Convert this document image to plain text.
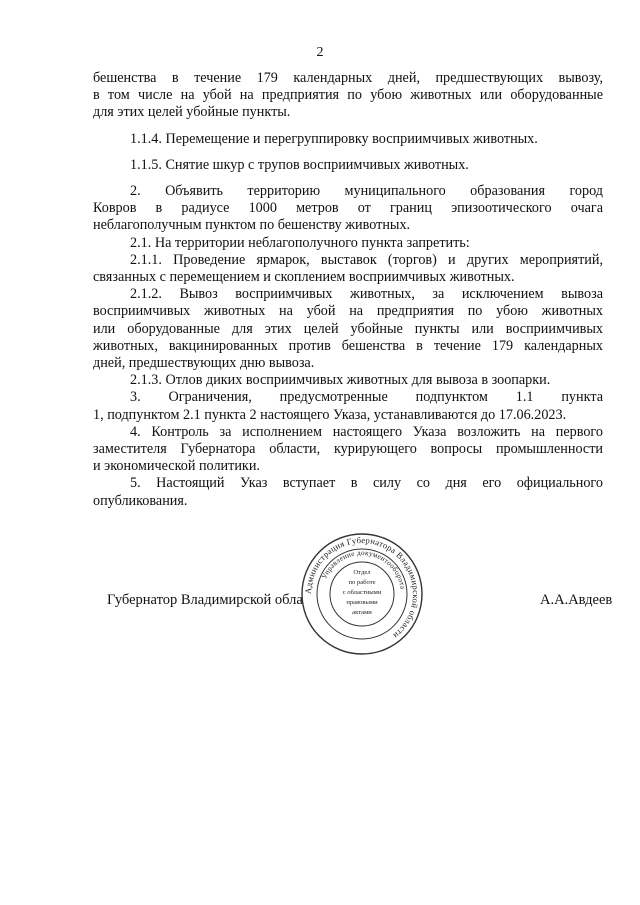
2

бешенства в течение 179 календарных дней, предшествующих вывозу,

в том числе на убой на предприятия по убою животных или оборудованные

для этих целей убойные пункты.

1.1.4. Перемещение и перегруппировку восприимчивых животных.

1.1.5. Снятие шкур с трупов восприимчивых животных.

2. Объявить территорию муниципального образования город

Ковров в радиусе 1000 метров от границ эпизоотического очага

неблагополучным пунктом по бешенству животных.

2.1. На территории неблагополучного пункта запретить:

2.1.1. Проведение ярмарок, выставок (торгов) и других мероприятий,

связанных с перемещением и скоплением восприимчивых животных.

2.1.2. Вывоз восприимчивых животных, за исключением вывоза

восприимчивых животных на убой на предприятия по убою животных

или оборудованные для этих целей убойные пункты или восприимчивых

животных, вакцинированных против бешенства в течение 179 календарных

дней, предшествующих дню вывоза.

2.1.3. Отлов диких восприимчивых животных для вывоза в зоопарки.

3. Ограничения, предусмотренные подпунктом 1.1 пункта

1, подпунктом 2.1 пункта 2 настоящего Указа, устанавливаются до 17.06.2023.

4. Контроль за исполнением настоящего Указа возложить на первого

заместителя Губернатора области, курирующего вопросы промышленности

и экономической политики.

5. Настоящий Указ вступает в силу со дня его официального

опубликования.

Губернатор Владимирской обла	А.А.Авдеев
Администрация Губернатора Владимирской области
Управление документооборота
Отдел
по работе
с областными
правовыми
актами
